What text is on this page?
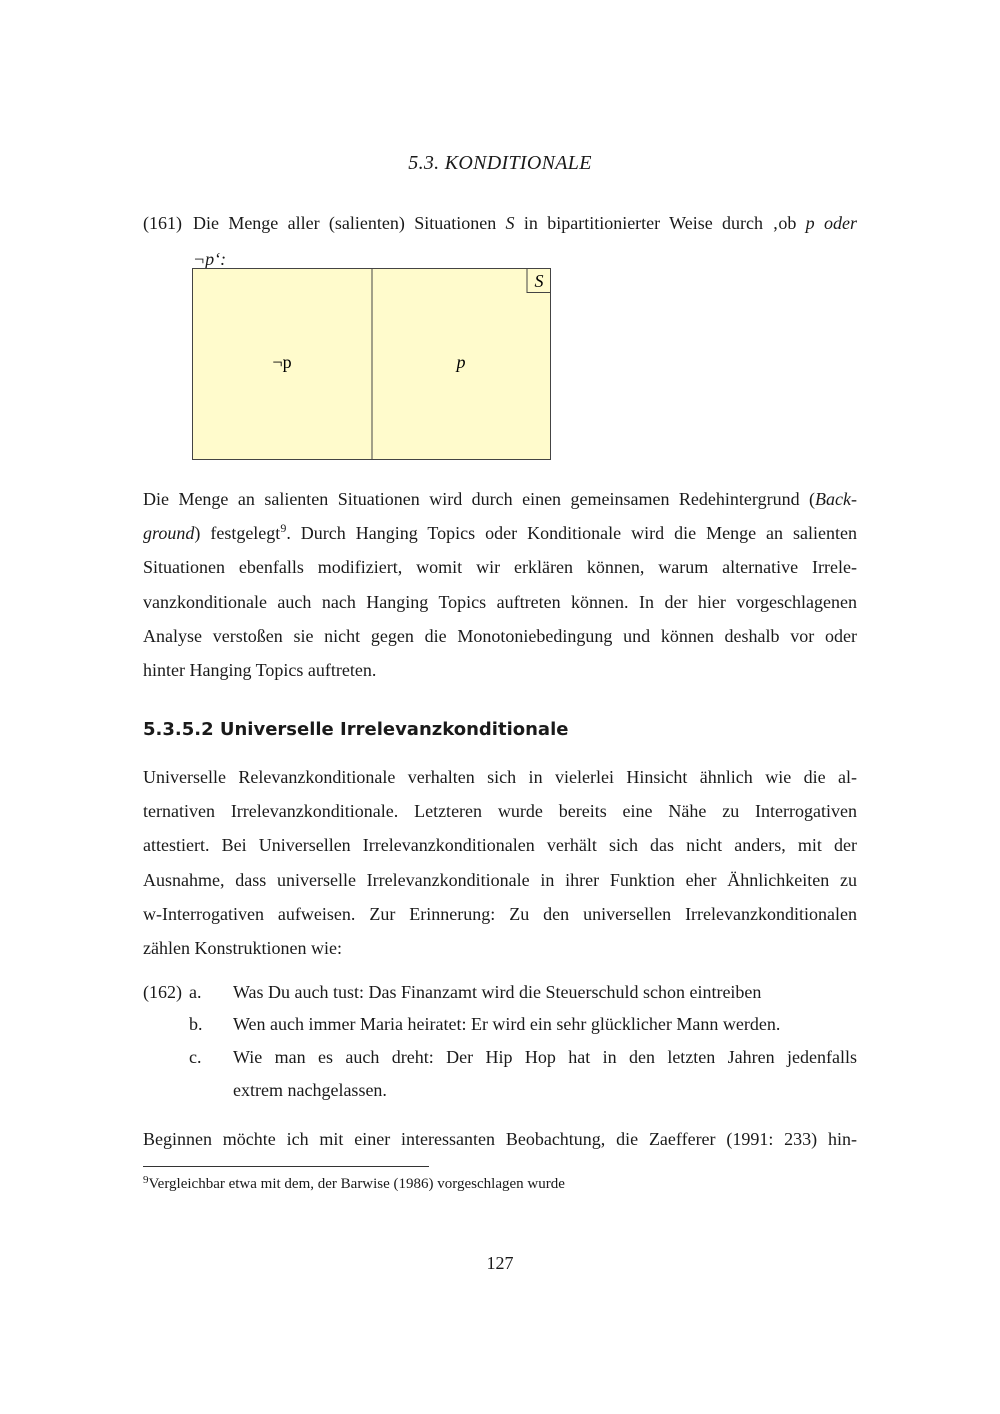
5.3. KONDITIONALE
(161) Die Menge aller (salienten) Situationen S in bipartitionierter Weise durch ‚ob p oder
¬p‘:
S
¬p	p
Die Menge an salienten Situationen wird durch einen gemeinsamen Redehintergrund (Back-
ground) festgelegt$^9$. Durch Hanging Topics oder Konditionale wird die Menge an salienten
Situationen ebenfalls modifiziert, womit wir erklären können, warum alternative Irrele-
vanzkonditionale auch nach Hanging Topics auftreten können. In der hier vorgeschlagenen
Analyse verstoßen sie nicht gegen die Monotoniebedingung und können deshalb vor oder
hinter Hanging Topics auftreten.
5.3.5.2 Universelle Irrelevanzkonditionale
Universelle Relevanzkonditionale verhalten sich in vielerlei Hinsicht ähnlich wie die al-
ternativen Irrelevanzkonditionale. Letzteren wurde bereits eine Nähe zu Interrogativen
attestiert. Bei Universellen Irrelevanzkonditionalen verhält sich das nicht anders, mit der
Ausnahme, dass universelle Irrelevanzkonditionale in ihrer Funktion eher Ähnlichkeiten zu
w-Interrogativen aufweisen. Zur Erinnerung: Zu den universellen Irrelevanzkonditionalen
zählen Konstruktionen wie:
(162) a. Was Du auch tust: Das Finanzamt wird die Steuerschuld schon eintreiben
b. Wen auch immer Maria heiratet: Er wird ein sehr glücklicher Mann werden.
c. Wie man es auch dreht: Der Hip Hop hat in den letzten Jahren jedenfalls
extrem nachgelassen.
Beginnen möchte ich mit einer interessanten Beobachtung, die Zaefferer (1991: 233) hin-
$^9$Vergleichbar etwa mit dem, der Barwise (1986) vorgeschlagen wurde
127
